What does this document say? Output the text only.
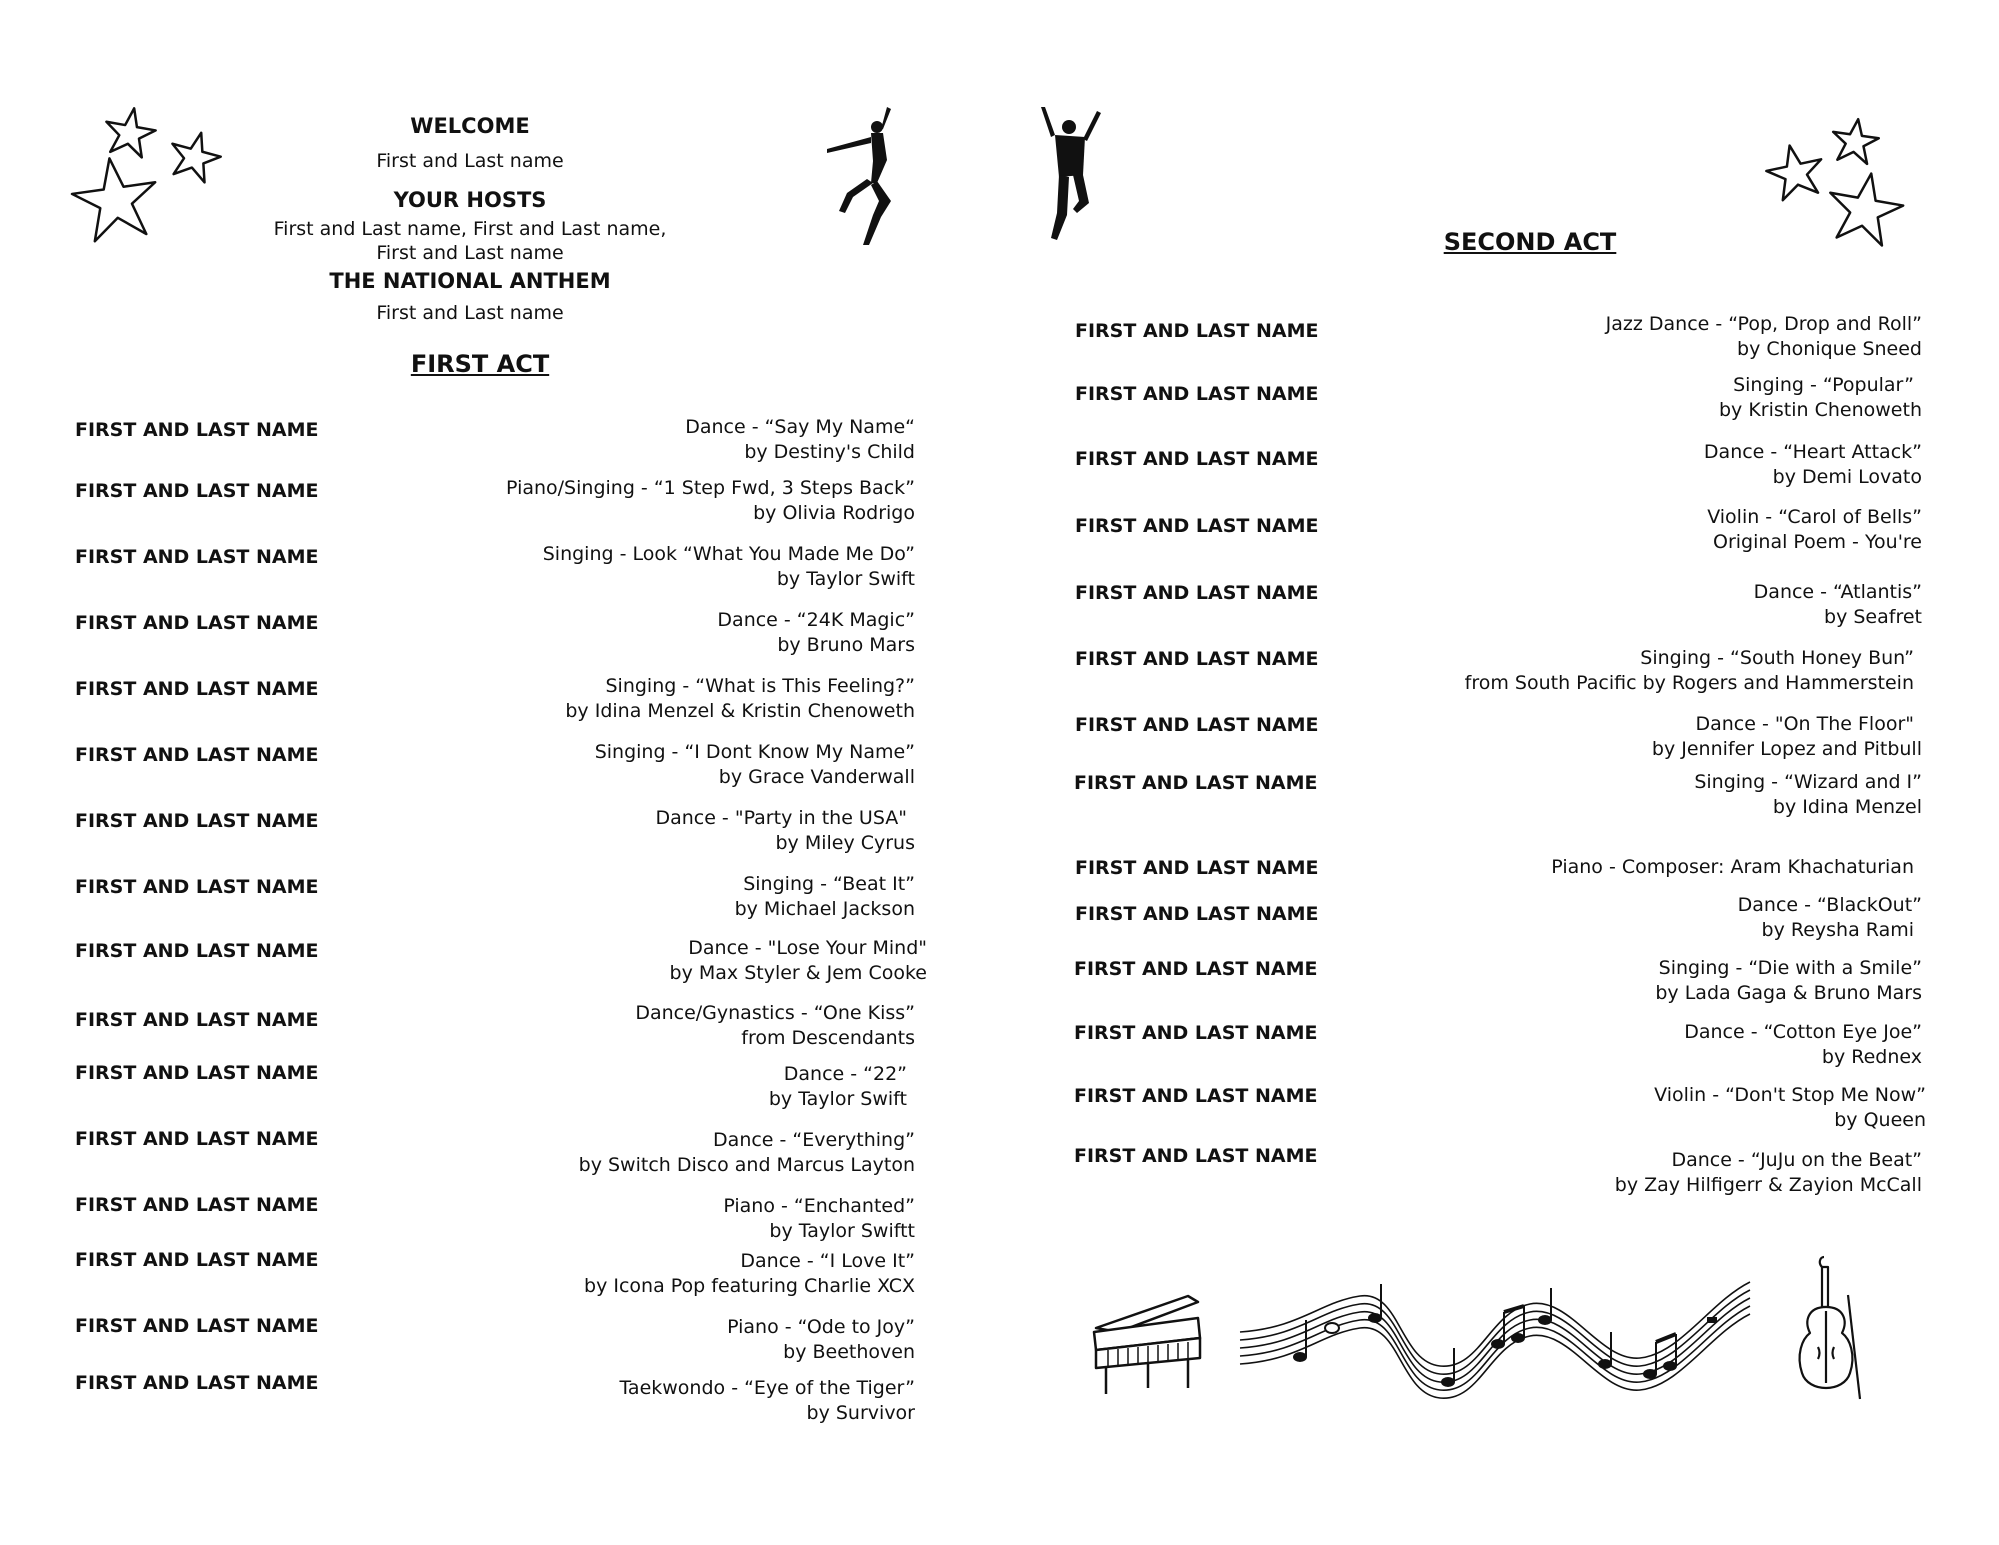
WELCOME
First and Last name
YOUR HOSTS
First and Last name, First and Last name,
First and Last name
THE NATIONAL ANTHEM
First and Last name
FIRST ACT
FIRST AND LAST NAME	Dance - “Say My Name“
by Destiny's Child
FIRST AND LAST NAME	Piano/Singing - “1 Step Fwd, 3 Steps Back”
by Olivia Rodrigo
FIRST AND LAST NAME	Singing - Look “What You Made Me Do”
by Taylor Swift
FIRST AND LAST NAME	Dance - “24K Magic”
by Bruno Mars
FIRST AND LAST NAME	Singing - “What is This Feeling?”
by Idina Menzel & Kristin Chenoweth
FIRST AND LAST NAME	Singing - “I Dont Know My Name”
by Grace Vanderwall
FIRST AND LAST NAME	Dance - "Party in the USA"
by Miley Cyrus
FIRST AND LAST NAME	Singing - “Beat It”
by Michael Jackson
FIRST AND LAST NAME	Dance - "Lose Your Mind"
by Max Styler & Jem Cooke
FIRST AND LAST NAME	Dance/Gynastics - “One Kiss”
from Descendants
FIRST AND LAST NAME	Dance - “22”
by Taylor Swift
FIRST AND LAST NAME	Dance - “Everything”
by Switch Disco and Marcus Layton
FIRST AND LAST NAME	Piano - “Enchanted”
by Taylor Swiftt
FIRST AND LAST NAME	Dance - “I Love It”
by Icona Pop featuring Charlie XCX
FIRST AND LAST NAME	Piano - “Ode to Joy”
by Beethoven
FIRST AND LAST NAME	Taekwondo - “Eye of the Tiger”
by Survivor
SECOND ACT
FIRST AND LAST NAME	Jazz Dance - “Pop, Drop and Roll”
by Chonique Sneed
FIRST AND LAST NAME	Singing - “Popular”
by Kristin Chenoweth
FIRST AND LAST NAME	Dance - “Heart Attack”
by Demi Lovato
FIRST AND LAST NAME	Violin - “Carol of Bells”
Original Poem - You're
FIRST AND LAST NAME	Dance - “Atlantis”
by Seafret
FIRST AND LAST NAME	Singing - “South Honey Bun”
from South Pacific by Rogers and Hammerstein
FIRST AND LAST NAME	Dance - "On The Floor"
by Jennifer Lopez and Pitbull
FIRST AND LAST NAME	Singing - “Wizard and I”
by Idina Menzel
FIRST AND LAST NAME	Piano - Composer: Aram Khachaturian
FIRST AND LAST NAME	Dance - “BlackOut”
by Reysha Rami
FIRST AND LAST NAME	Singing - “Die with a Smile”
by Lada Gaga & Bruno Mars
FIRST AND LAST NAME	Dance - “Cotton Eye Joe”
by Rednex
FIRST AND LAST NAME	Violin - “Don't Stop Me Now”
by Queen
FIRST AND LAST NAME	Dance - “JuJu on the Beat”
by Zay Hilfigerr & Zayion McCall
